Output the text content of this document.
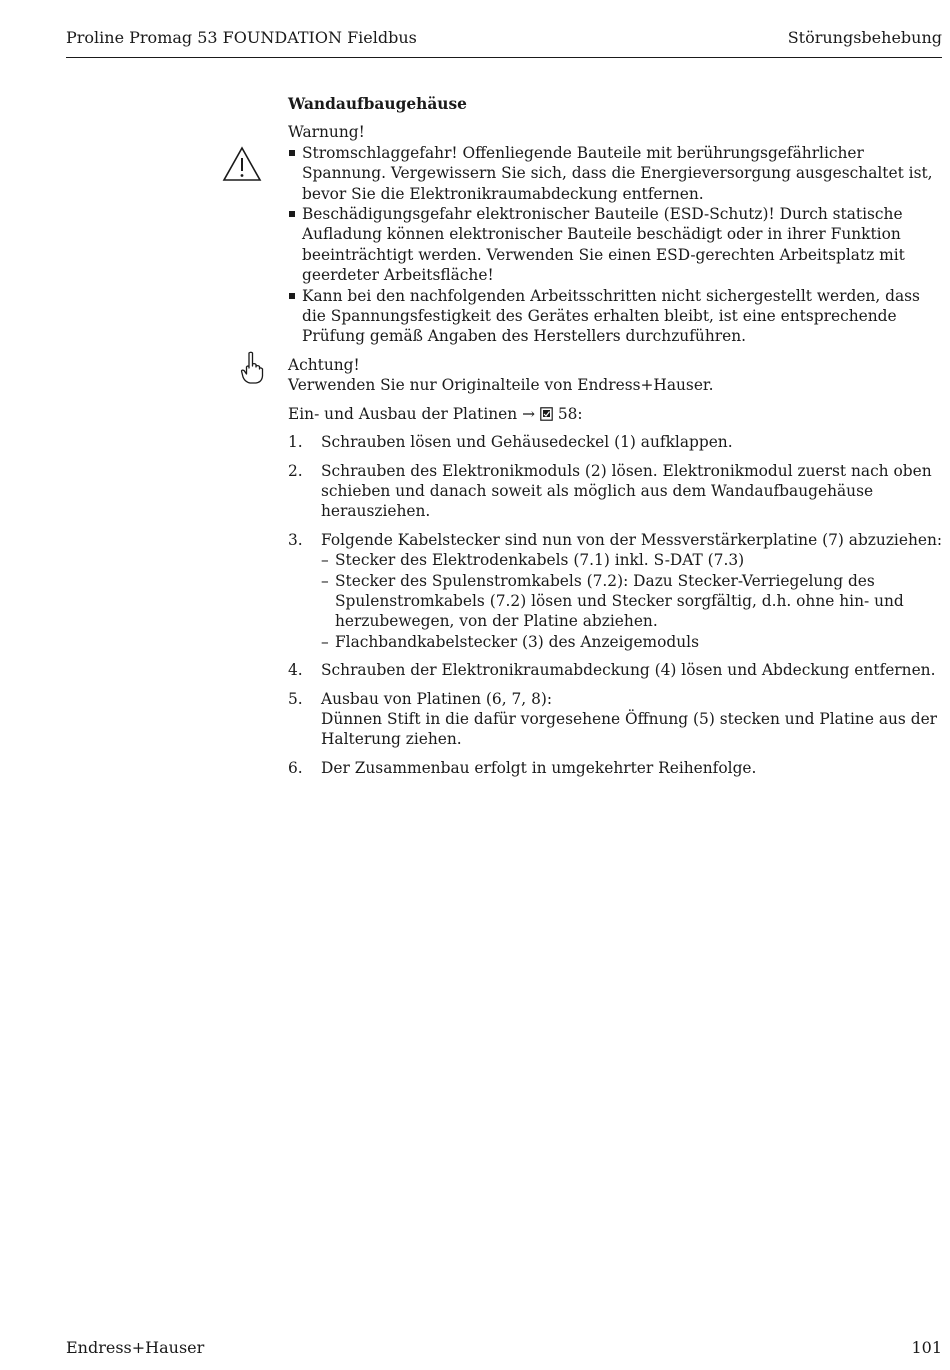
Proline Promag 53 FOUNDATION Fieldbus	Störungsbehebung
Wandaufbaugehäuse

Warnung!

Stromschlaggefahr! Offenliegende Bauteile mit berührungsgefährlicher Spannung. Vergewissern Sie sich, dass die Energieversorgung ausgeschaltet ist, bevor Sie die Elektronikraumabdeckung entfernen.
Beschädigungsgefahr elektronischer Bauteile (ESD-Schutz)! Durch statische Aufladung können elektronischer Bauteile beschädigt oder in ihrer Funktion beeinträchtigt werden. Verwenden Sie einen ESD-gerechten Arbeitsplatz mit geerdeter Arbeitsfläche!
Kann bei den nachfolgenden Arbeitsschritten nicht sichergestellt werden, dass die Spannungsfestigkeit des Gerätes erhalten bleibt, ist eine entsprechende Prüfung gemäß Angaben des Herstellers durchzuführen.

Achtung!

Verwenden Sie nur Originalteile von Endress+Hauser.

Ein- und Ausbau der Platinen → 58:

1. Schrauben lösen und Gehäusedeckel (1) aufklappen.
2. Schrauben des Elektronikmoduls (2) lösen. Elektronikmodul zuerst nach oben schieben und danach soweit als möglich aus dem Wandaufbaugehäuse herausziehen.
3. Folgende Kabelstecker sind nun von der Messverstärkerplatine (7) abzuziehen:
– Stecker des Elektrodenkabels (7.1) inkl. S-DAT (7.3)
– Stecker des Spulenstromkabels (7.2): Dazu Stecker-Verriegelung des Spulenstromkabels (7.2) lösen und Stecker sorgfältig, d.h. ohne hin- und herzubewegen, von der Platine abziehen.
– Flachbandkabelstecker (3) des Anzeigemoduls
4. Schrauben der Elektronikraumabdeckung (4) lösen und Abdeckung entfernen.
5. Ausbau von Platinen (6, 7, 8):
Dünnen Stift in die dafür vorgesehene Öffnung (5) stecken und Platine aus der Halterung ziehen.
6. Der Zusammenbau erfolgt in umgekehrter Reihenfolge.
Endress+Hauser	101
